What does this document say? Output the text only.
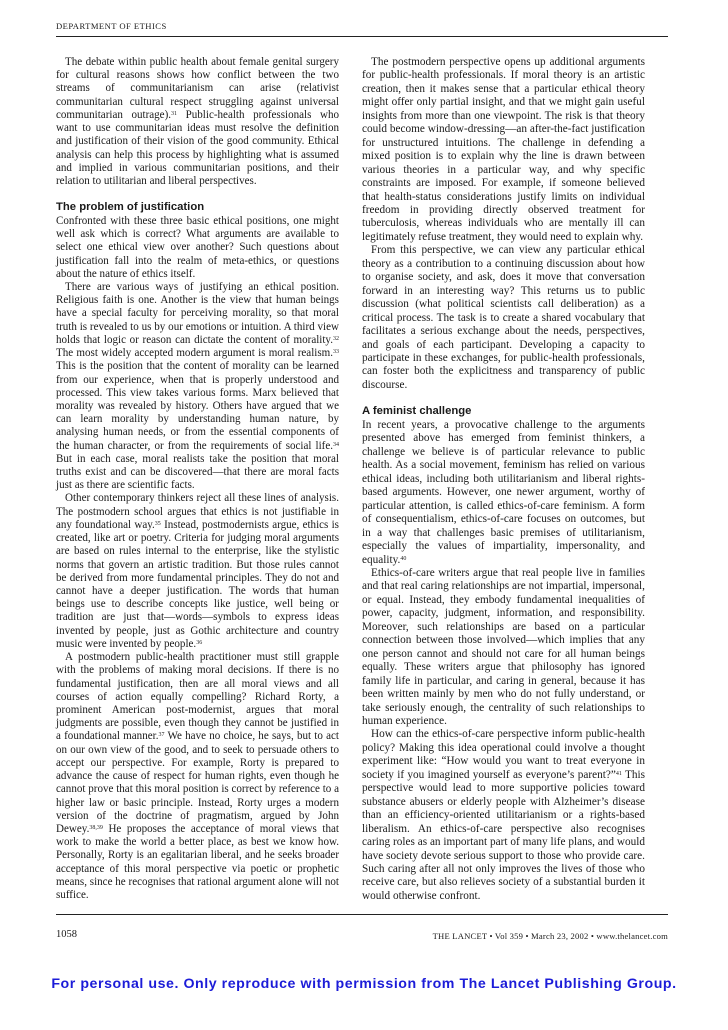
DEPARTMENT OF ETHICS

The debate within public health about female genital surgery for cultural reasons shows how conflict between the two streams of communitarianism can arise (relativist communitarian cultural respect struggling against universal communitarian outrage).$^{31}$ Public-health professionals who want to use communitarian ideas must resolve the definition and justification of their vision of the good community. Ethical analysis can help this process by highlighting what is assumed and implied in various communitarian positions, and their relation to utilitarian and liberal perspectives.

The problem of justification

Confronted with these three basic ethical positions, one might well ask which is correct? What arguments are available to select one ethical view over another? Such questions about justification fall into the realm of meta-ethics, or questions about the nature of ethics itself.

There are various ways of justifying an ethical position. Religious faith is one. Another is the view that human beings have a special faculty for perceiving morality, so that moral truth is revealed to us by our emotions or intuition. A third view holds that logic or reason can dictate the content of morality.$^{32}$ The most widely accepted modern argument is moral realism.$^{33}$ This is the position that the content of morality can be learned from our experience, when that is properly understood and processed. This view takes various forms. Marx believed that morality was revealed by history. Others have argued that we can learn morality by understanding human nature, by analysing human needs, or from the essential components of the human character, or from the requirements of social life.$^{34}$ But in each case, moral realists take the position that moral truths exist and can be discovered—that there are moral facts just as there are scientific facts.

Other contemporary thinkers reject all these lines of analysis. The postmodern school argues that ethics is not justifiable in any foundational way.$^{35}$ Instead, postmodernists argue, ethics is created, like art or poetry. Criteria for judging moral arguments are based on rules internal to the enterprise, like the stylistic norms that govern an artistic tradition. But those rules cannot be derived from more fundamental principles. They do not and cannot have a deeper justification. The words that human beings use to describe concepts like justice, well being or tradition are just that—words—symbols to express ideas invented by people, just as Gothic architecture and country music were invented by people.$^{36}$

A postmodern public-health practitioner must still grapple with the problems of making moral decisions. If there is no fundamental justification, then are all moral views and all courses of action equally compelling? Richard Rorty, a prominent American post-modernist, argues that moral judgments are possible, even though they cannot be justified in a foundational manner.$^{37}$ We have no choice, he says, but to act on our own view of the good, and to seek to persuade others to accept our perspective. For example, Rorty is prepared to advance the cause of respect for human rights, even though he cannot prove that this moral position is correct by reference to a higher law or basic principle. Instead, Rorty urges a modern version of the doctrine of pragmatism, argued by John Dewey.$^{38,39}$ He proposes the acceptance of moral views that work to make the world a better place, as best we know how. Personally, Rorty is an egalitarian liberal, and he seeks broader acceptance of this moral perspective via poetic or prophetic means, since he recognises that rational argument alone will not suffice.

The postmodern perspective opens up additional arguments for public-health professionals. If moral theory is an artistic creation, then it makes sense that a particular ethical theory might offer only partial insight, and that we might gain useful insights from more than one viewpoint. The risk is that theory could become window-dressing—an after-the-fact justification for unstructured intuitions. The challenge in defending a mixed position is to explain why the line is drawn between various theories in a particular way, and why specific constraints are imposed. For example, if someone believed that health-status considerations justify limits on individual freedom in providing directly observed treatment for tuberculosis, whereas individuals who are mentally ill can legitimately refuse treatment, they would need to explain why.

From this perspective, we can view any particular ethical theory as a contribution to a continuing discussion about how to organise society, and ask, does it move that conversation forward in an interesting way? This returns us to public discussion (what political scientists call deliberation) as a critical process. The task is to create a shared vocabulary that facilitates a serious exchange about the needs, perspectives, and goals of each participant. Developing a capacity to participate in these exchanges, for public-health professionals, can foster both the explicitness and transparency of public discourse.

A feminist challenge

In recent years, a provocative challenge to the arguments presented above has emerged from feminist thinkers, a challenge we believe is of particular relevance to public health. As a social movement, feminism has relied on various ethical ideas, including both utilitarianism and liberal rights-based arguments. However, one newer argument, worthy of particular attention, is called ethics-of-care feminism. A form of consequentialism, ethics-of-care focuses on outcomes, but in a way that challenges basic premises of utilitarianism, especially the values of impartiality, impersonality, and equality.$^{40}$

Ethics-of-care writers argue that real people live in families and that real caring relationships are not impartial, impersonal, or equal. Instead, they embody fundamental inequalities of power, capacity, judgment, information, and responsibility. Moreover, such relationships are based on a particular connection between those involved—which implies that any one person cannot and should not care for all human beings equally. These writers argue that philosophy has ignored family life in particular, and caring in general, because it has been written mainly by men who do not fully understand, or take seriously enough, the centrality of such relationships to human experience.

How can the ethics-of-care perspective inform public-health policy? Making this idea operational could involve a thought experiment like: “How would you want to treat everyone in society if you imagined yourself as everyone’s parent?”$^{41}$ This perspective would lead to more supportive policies toward substance abusers or elderly people with Alzheimer’s disease than an efficiency-oriented utilitarianism or a rights-based liberalism. An ethics-of-care perspective also recognises caring roles as an important part of many life plans, and would have society devote serious support to those who provide care. Such caring after all not only improves the lives of those who receive care, but also relieves society of a substantial burden it would otherwise confront.

1058	THE LANCET • Vol 359 • March 23, 2002 • www.thelancet.com
For personal use. Only reproduce with permission from The Lancet Publishing Group.
